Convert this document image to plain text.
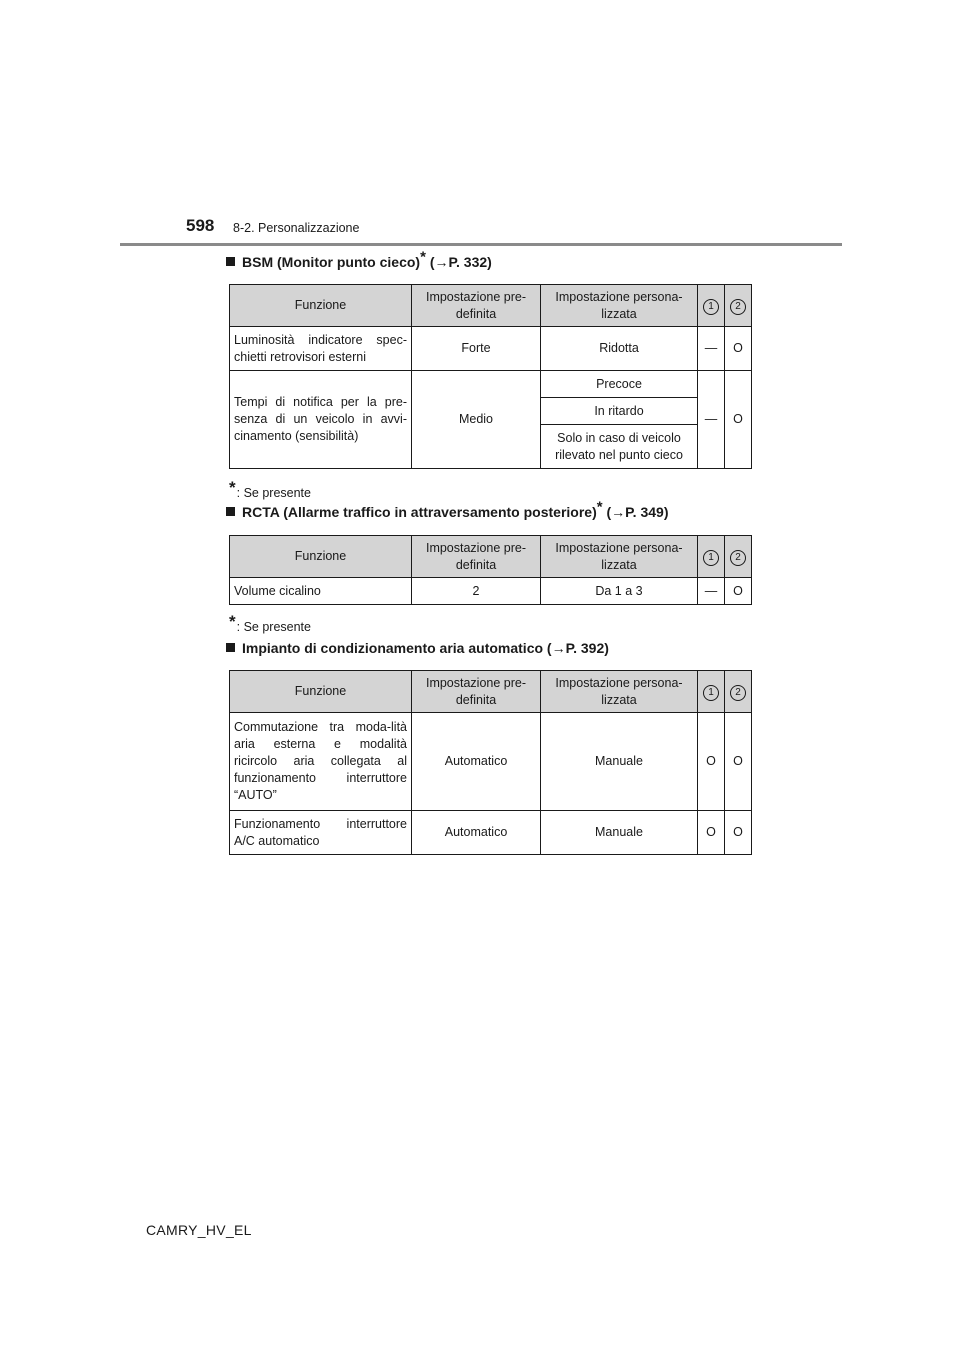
598 8-2. Personalizzazione
BSM (Monitor punto cieco)* (→P. 332)
Funzione	Impostazione pre-definita	Impostazione persona-lizzata	1	2
Luminosità indicatore spec-chietti retrovisori esterni	Forte	Ridotta	—	O
Tempi di notifica per la pre-senza di un veicolo in avvi-cinamento (sensibilità)	Medio	Precoce	—	O
		In ritardo		
		Solo in caso di veicolo rilevato nel punto cieco		
*: Se presente
RCTA (Allarme traffico in attraversamento posteriore)* (→P. 349)
Funzione	Impostazione pre-definita	Impostazione persona-lizzata	1	2
Volume cicalino	2	Da 1 a 3	—	O
*: Se presente
Impianto di condizionamento aria automatico (→P. 392)
Funzione	Impostazione pre-definita	Impostazione persona-lizzata	1	2
Commutazione tra moda-lità aria esterna e modalità ricircolo aria collegata al funzionamento interruttore “AUTO”	Automatico	Manuale	O	O
Funzionamento interruttore A/C automatico	Automatico	Manuale	O	O
CAMRY_HV_EL
